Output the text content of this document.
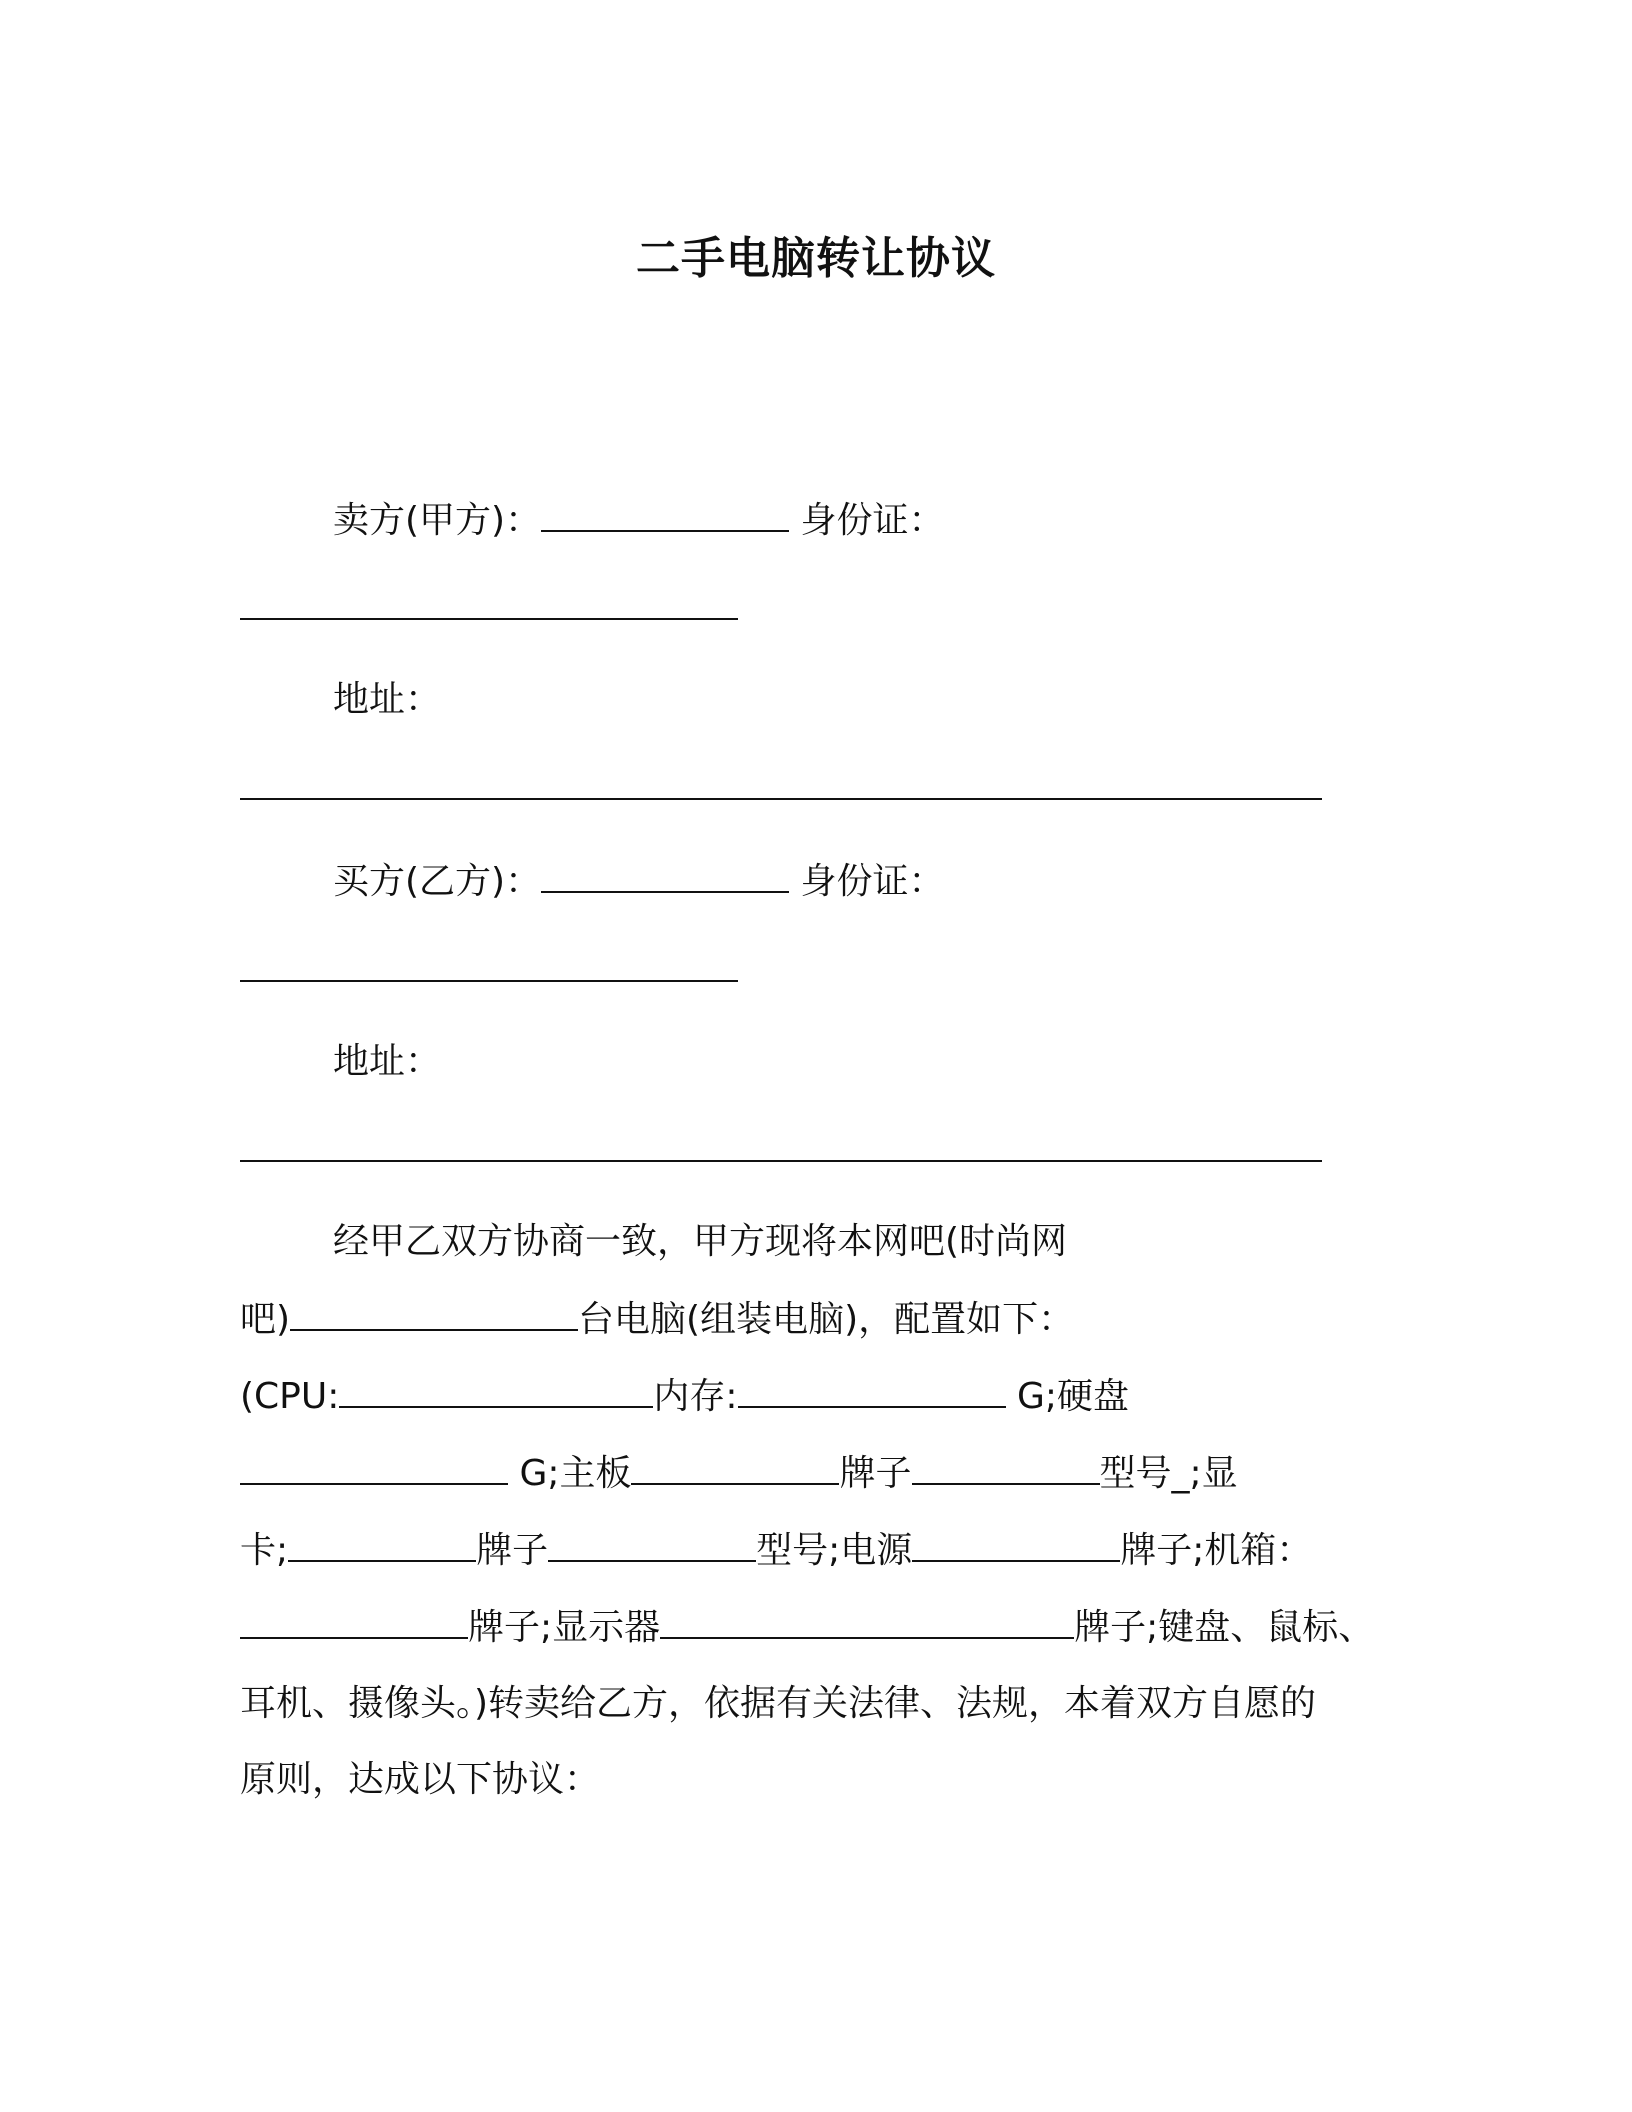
二手电脑转让协议
卖方(甲方)：	身份证：
地址：
买方(乙方)：	身份证：
地址：
经甲乙双方协商一致，甲方现将本网吧(时尚网
吧)	台电脑(组装电脑)，配置如下：
(CPU:	内存:	G;硬盘
G;主板	牌子	型号_;显
卡;	牌子	型号;电源	牌子;机箱：
牌子;显示器	牌子;键盘、鼠标、
耳机、摄像头。)转卖给乙方，依据有关法律、法规，本着双方自愿的
原则，达成以下协议：
